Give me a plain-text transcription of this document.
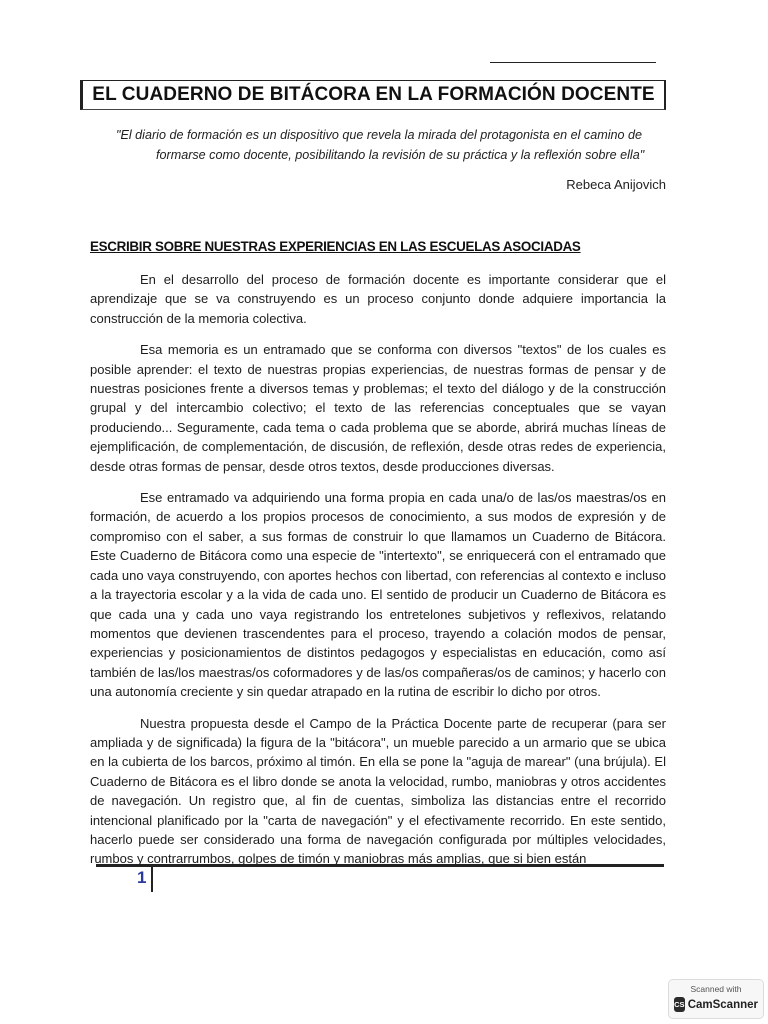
EL CUADERNO DE BITÁCORA EN LA FORMACIÓN DOCENTE
"El diario de formación es un dispositivo que revela la mirada del protagonista en el camino de
formarse como docente, posibilitando la revisión de su práctica y la reflexión sobre ella"
Rebeca Anijovich
ESCRIBIR SOBRE NUESTRAS EXPERIENCIAS EN LAS ESCUELAS ASOCIADAS

En el desarrollo del proceso de formación docente es importante considerar que el aprendizaje que se va construyendo es un proceso conjunto donde adquiere importancia la construcción de la memoria colectiva.

Esa memoria es un entramado que se conforma con diversos "textos" de los cuales es posible aprender: el texto de nuestras propias experiencias, de nuestras formas de pensar y de nuestras posiciones frente a diversos temas y problemas; el texto del diálogo y de la construcción grupal y del intercambio colectivo; el texto de las referencias conceptuales que se vayan produciendo... Seguramente, cada tema o cada problema que se aborde, abrirá muchas líneas de ejemplificación, de complementación, de discusión, de reflexión, desde otras redes de experiencia, desde otras formas de pensar, desde otros textos, desde producciones diversas.

Ese entramado va adquiriendo una forma propia en cada una/o de las/os maestras/os en formación, de acuerdo a los propios procesos de conocimiento, a sus modos de expresión y de compromiso con el saber, a sus formas de construir lo que llamamos un Cuaderno de Bitácora. Este Cuaderno de Bitácora como una especie de "intertexto", se enriquecerá con el entramado que cada uno vaya construyendo, con aportes hechos con libertad, con referencias al contexto e incluso a la trayectoria escolar y a la vida de cada uno. El sentido de producir un Cuaderno de Bitácora es que cada una y cada uno vaya registrando los entretelones subjetivos y reflexivos, relatando momentos que devienen trascendentes para el proceso, trayendo a colación modos de pensar, experiencias y posicionamientos de distintos pedagogos y especialistas en educación, como así también de las/los maestras/os coformadores y de las/os compañeras/os de caminos; y hacerlo con una autonomía creciente y sin quedar atrapado en la rutina de escribir lo dicho por otros.

Nuestra propuesta desde el Campo de la Práctica Docente parte de recuperar (para ser ampliada y de significada) la figura de la "bitácora", un mueble parecido a un armario que se ubica en la cubierta de los barcos, próximo al timón. En ella se pone la "aguja de marear" (una brújula). El Cuaderno de Bitácora es el libro donde se anota la velocidad, rumbo, maniobras y otros accidentes de navegación. Un registro que, al fin de cuentas, simboliza las distancias entre el recorrido intencional planificado por la "carta de navegación" y el efectivamente recorrido. En este sentido, hacerlo puede ser considerado una forma de navegación configurada por múltiples velocidades, rumbos y contrarrumbos, golpes de timón y maniobras más amplias, que si bien están

1
Scanned with
CS CamScanner
